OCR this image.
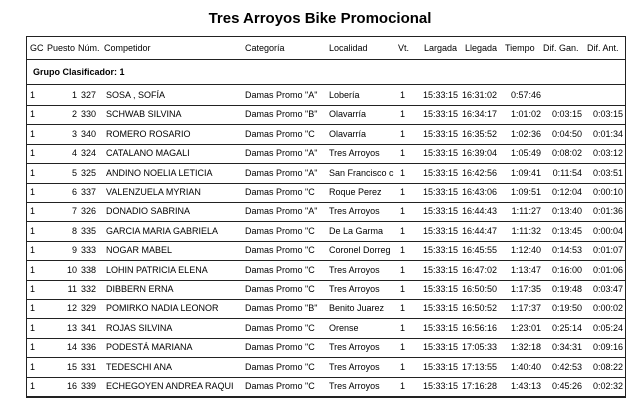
Tres Arroyos Bike Promocional
GC Puesto Núm. Competidor	Categoría	Localidad	Vt. Largada Llegada Tiempo Dif. Gan. Dif. Ant.
Grupo Clasificador: 1
1	1 327	SOSA , SOFÍA	Damas Promo "A"	Lobería	1	15:33:15 16:31:02	0:57:46
1	2 330	SCHWAB SILVINA	Damas Promo "B"	Olavarría	1	15:33:15 16:34:17	1:01:02	0:03:15	0:03:15
1	3 340	ROMERO ROSARIO	Damas Promo "C	Olavarría	1	15:33:15 16:35:52	1:02:36	0:04:50	0:01:34
1	4 324	CATALANO MAGALI	Damas Promo "A"	Tres Arroyos	1	15:33:15 16:39:04	1:05:49	0:08:02	0:03:12
1	5 325	ANDINO NOELIA LETICIA	Damas Promo "A"	San Francisco c 1	15:33:15 16:42:56	1:09:41	0:11:54	0:03:51
1	6 337	VALENZUELA MYRIAN	Damas Promo "C	Roque Perez	1	15:33:15 16:43:06	1:09:51	0:12:04	0:00:10
1	7 326	DONADIO SABRINA	Damas Promo "A"	Tres Arroyos	1	15:33:15 16:44:43	1:11:27	0:13:40	0:01:36
1	8 335	GARCIA MARIA GABRIELA	Damas Promo "C	De La Garma	1	15:33:15 16:44:47	1:11:32	0:13:45	0:00:04
1	9 333	NOGAR MABEL	Damas Promo "C	Coronel Dorreg	1	15:33:15 16:45:55	1:12:40	0:14:53	0:01:07
1	10 338	LOHIN PATRICIA ELENA	Damas Promo "C	Tres Arroyos	1	15:33:15 16:47:02	1:13:47	0:16:00	0:01:06
1	11 332	DIBBERN ERNA	Damas Promo "C	Tres Arroyos	1	15:33:15 16:50:50	1:17:35	0:19:48	0:03:47
1	12 329	POMIRKO NADIA LEONOR	Damas Promo "B"	Benito Juarez	1	15:33:15 16:50:52	1:17:37	0:19:50	0:00:02
1	13 341	ROJAS SILVINA	Damas Promo "C	Orense	1	15:33:15 16:56:16	1:23:01	0:25:14	0:05:24
1	14 336	PODESTÁ MARIANA	Damas Promo "C	Tres Arroyos	1	15:33:15 17:05:33	1:32:18	0:34:31	0:09:16
1	15 331	TEDESCHI ANA	Damas Promo "C	Tres Arroyos	1	15:33:15 17:13:55	1:40:40	0:42:53	0:08:22
1	16 339	ECHEGOYEN ANDREA RAQUI	Damas Promo "C	Tres Arroyos	1	15:33:15 17:16:28	1:43:13	0:45:26	0:02:32
